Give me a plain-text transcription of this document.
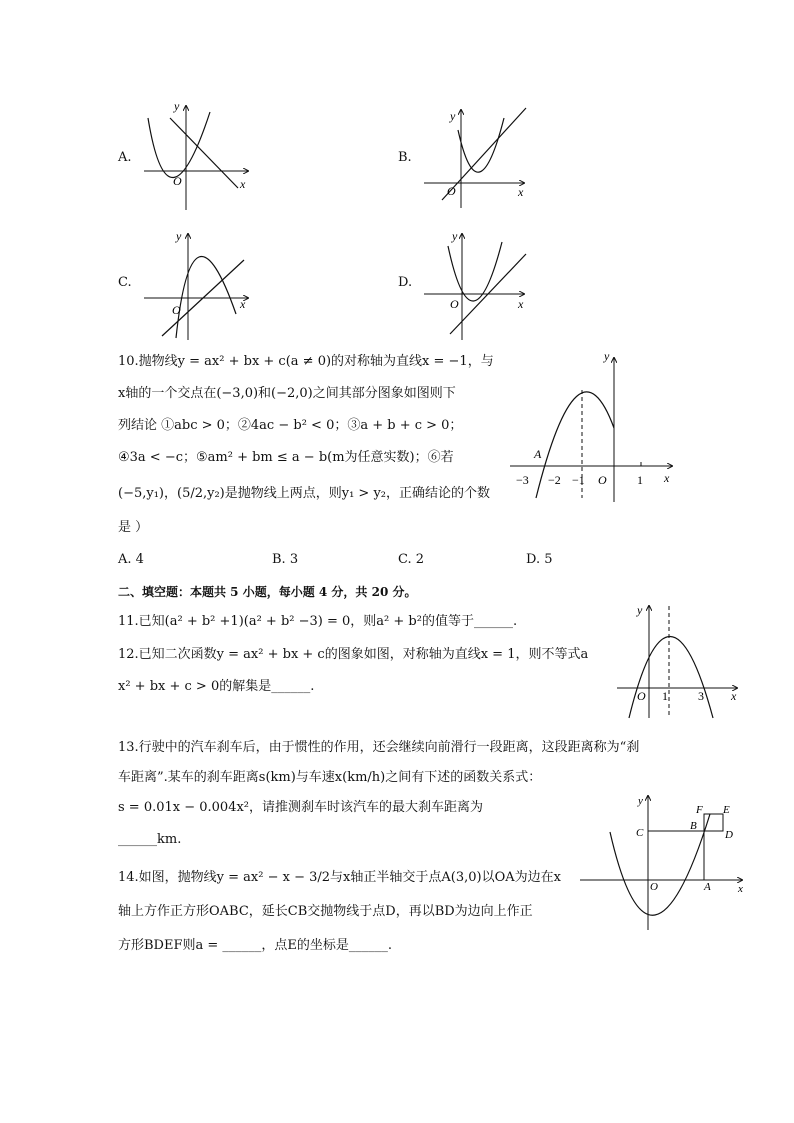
A.
y
x
O
B.
y
x
O
C.
y
x
O
D.
y
x
O
10.抛物线y = ax² + bx + c(a ≠ 0)的对称轴为直线x = −1，与
x轴的一个交点在(−3,0)和(−2,0)之间其部分图象如图则下
列结论 ①abc > 0；②4ac − b² < 0；③a + b + c > 0；
④3a < −c；⑤am² + bm ≤ a − b(m为任意实数)；⑥若
(−5,y₁)，(5/2,y₂)是抛物线上两点，则y₁ > y₂，正确结论的个数
是 ）
y
x
A
−3 −2 −1 O	1
A. 4	B. 3	C. 2	D. 5
二、填空题：本题共 5 小题，每小题 4 分，共 20 分。
11.已知(a² + b² +1)(a² + b² −3) = 0，则a² + b²的值等于______.
12.已知二次函数y = ax² + bx + c的图象如图，对称轴为直线x = 1，则不等式a
x² + bx + c > 0的解集是______.
y
x
O 1	3
13.行驶中的汽车刹车后，由于惯性的作用，还会继续向前滑行一段距离，这段距离称为“刹
车距离”.某车的刹车距离s(km)与车速x(km/h)之间有下述的函数关系式：
s = 0.01x − 0.004x²，请推测刹车时该汽车的最大刹车距离为
______km.
14.如图，抛物线y = ax² − x − 3/2与x轴正半轴交于点A(3,0)以OA为边在x
轴上方作正方形OABC，延长CB交抛物线于点D，再以BD为边向上作正
方形BDEF则a = ______，点E的坐标是______.
y
x
O	A
B
C	D
E
F
